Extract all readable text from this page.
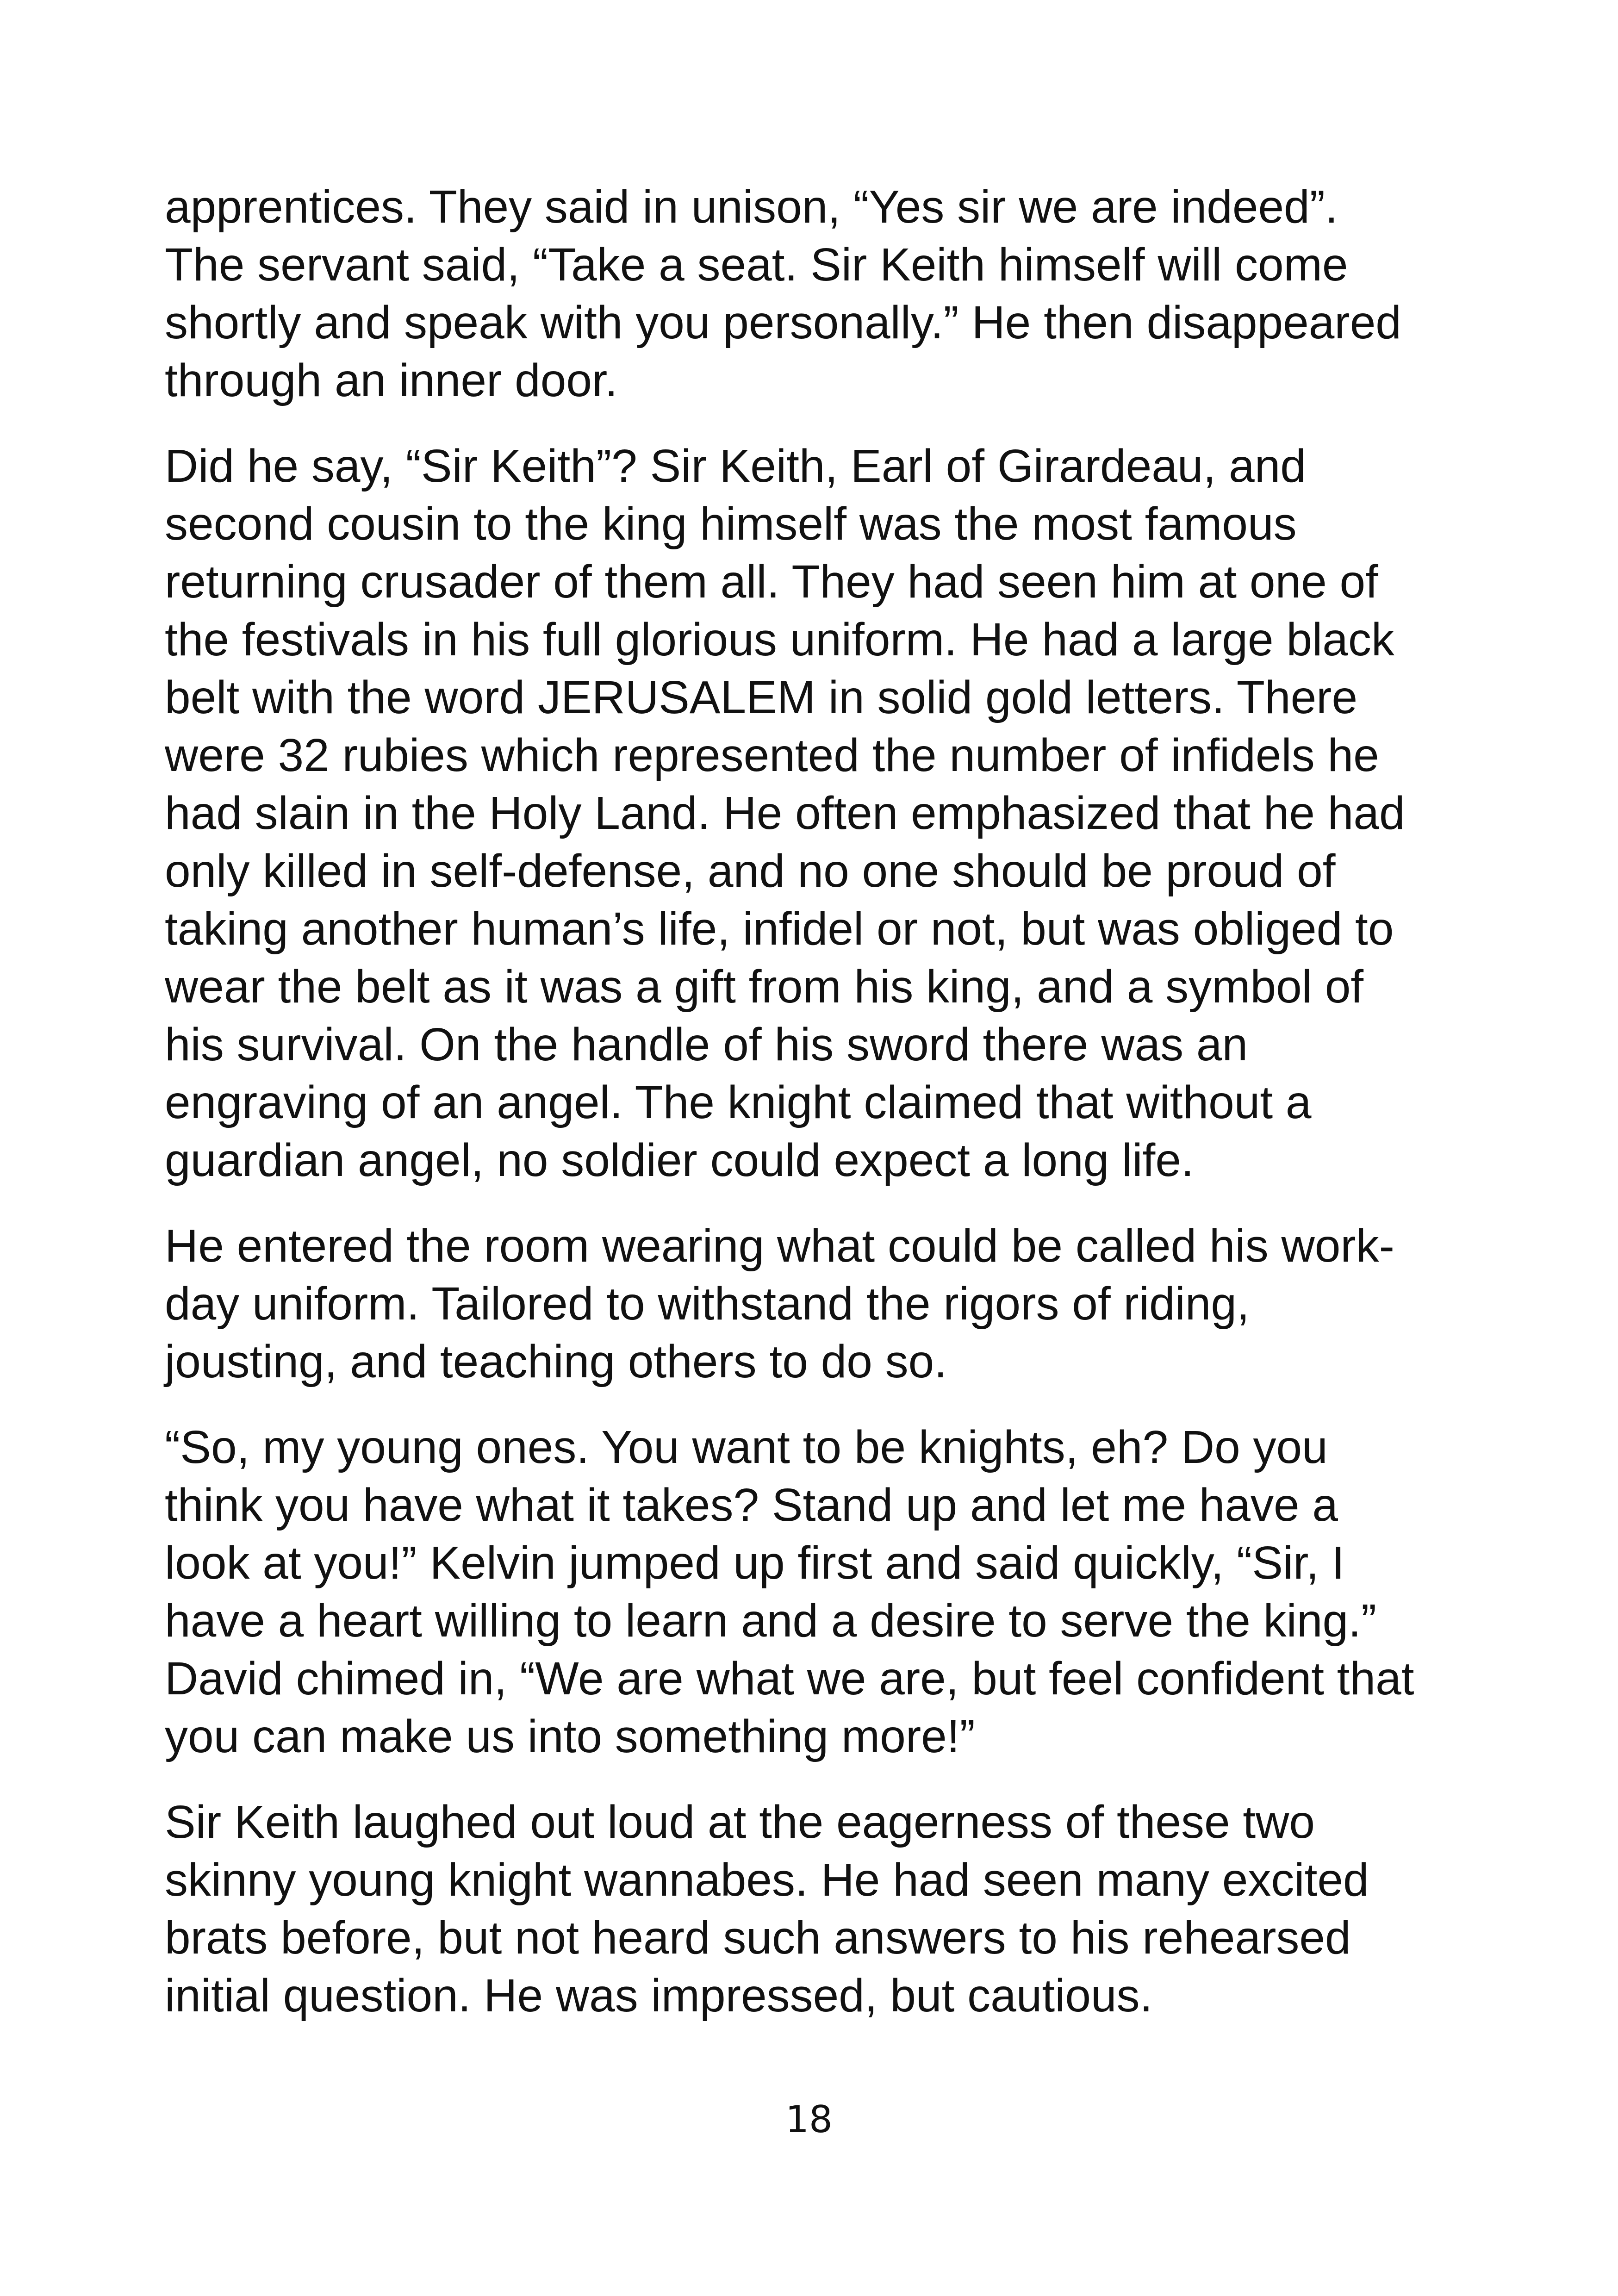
apprentices. They said in unison, “Yes sir we are indeed”.
The servant said, “Take a seat. Sir Keith himself will come
shortly and speak with you personally.” He then disappeared
through an inner door.

Did he say, “Sir Keith”? Sir Keith, Earl of Girardeau, and
second cousin to the king himself was the most famous
returning crusader of them all. They had seen him at one of
the festivals in his full glorious uniform. He had a large black
belt with the word JERUSALEM in solid gold letters. There
were 32 rubies which represented the number of infidels he
had slain in the Holy Land. He often emphasized that he had
only killed in self-defense, and no one should be proud of
taking another human’s life, infidel or not, but was obliged to
wear the belt as it was a gift from his king, and a symbol of
his survival. On the handle of his sword there was an
engraving of an angel. The knight claimed that without a
guardian angel, no soldier could expect a long life.

He entered the room wearing what could be called his work-
day uniform. Tailored to withstand the rigors of riding,
jousting, and teaching others to do so.

“So, my young ones. You want to be knights, eh? Do you
think you have what it takes? Stand up and let me have a
look at you!” Kelvin jumped up first and said quickly, “Sir, I
have a heart willing to learn and a desire to serve the king.”
David chimed in, “We are what we are, but feel confident that
you can make us into something more!”

Sir Keith laughed out loud at the eagerness of these two
skinny young knight wannabes. He had seen many excited
brats before, but not heard such answers to his rehearsed
initial question. He was impressed, but cautious.

18
